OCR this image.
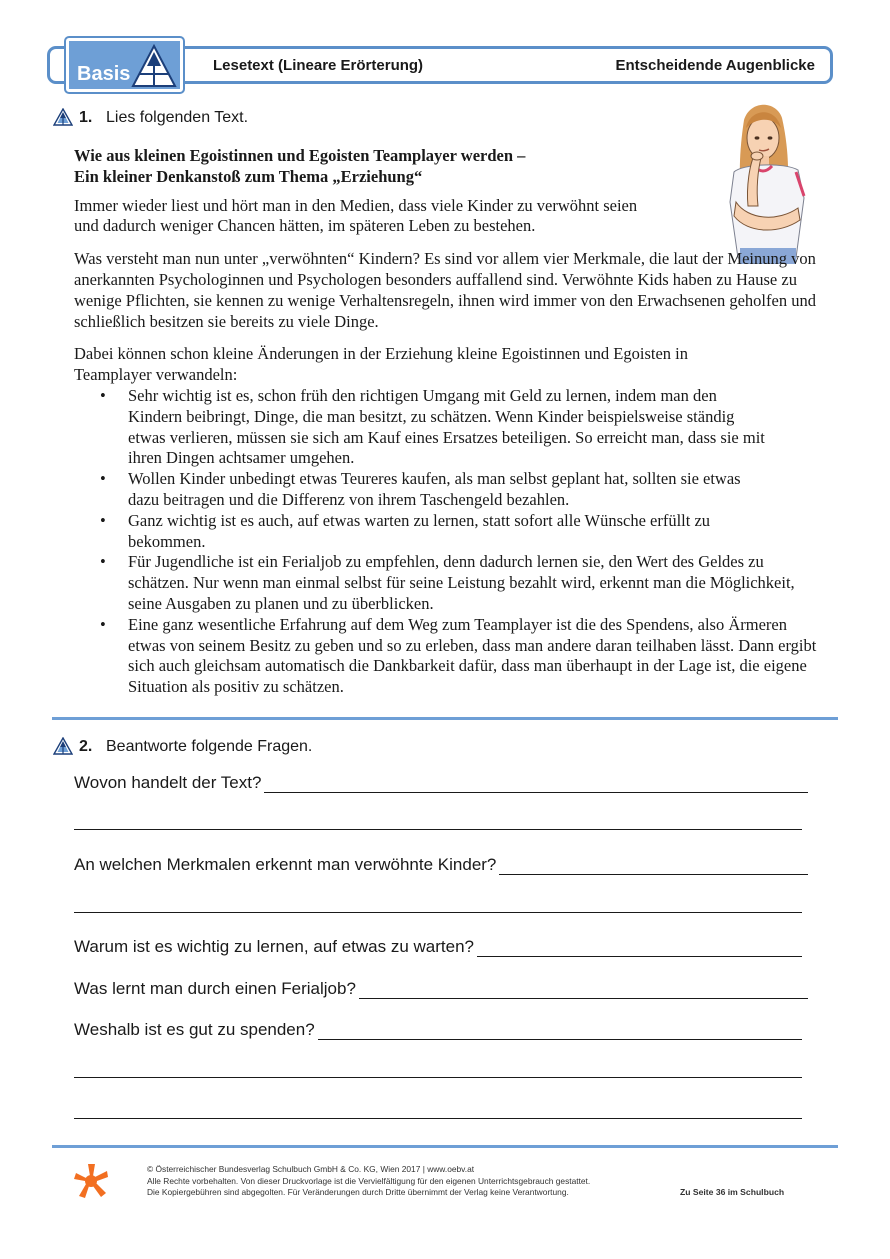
Basis	Lesetext (Lineare Erörterung)	Entscheidende Augenblicke
1. Lies folgenden Text.

Wie aus kleinen Egoistinnen und Egoisten Teamplayer werden –
Ein kleiner Denkanstoß zum Thema „Erziehung“

Immer wieder liest und hört man in den Medien, dass viele Kinder zu verwöhnt seien und dadurch weniger Chancen hätten, im späteren Leben zu bestehen.

Was versteht man nun unter „verwöhnten“ Kindern? Es sind vor allem vier Merkmale, die laut der Meinung von anerkannten Psychologinnen und Psychologen besonders auffallend sind. Verwöhnte Kids haben zu Hause zu wenige Pflichten, sie kennen zu wenige Verhaltensregeln, ihnen wird immer von den Erwachsenen geholfen und schließlich besitzen sie bereits zu viele Dinge.

Dabei können schon kleine Änderungen in der Erziehung kleine Egoistinnen und Egoisten in Teamplayer verwandeln:

• Sehr wichtig ist es, schon früh den richtigen Umgang mit Geld zu lernen, indem man den Kindern beibringt, Dinge, die man besitzt, zu schätzen. Wenn Kinder beispielsweise ständig etwas verlieren, müssen sie sich am Kauf eines Ersatzes beteiligen. So erreicht man, dass sie mit ihren Dingen achtsamer umgehen.
• Wollen Kinder unbedingt etwas Teureres kaufen, als man selbst geplant hat, sollten sie etwas dazu beitragen und die Differenz von ihrem Taschengeld bezahlen.
• Ganz wichtig ist es auch, auf etwas warten zu lernen, statt sofort alle Wünsche erfüllt zu bekommen.
• Für Jugendliche ist ein Ferialjob zu empfehlen, denn dadurch lernen sie, den Wert des Geldes zu schätzen. Nur wenn man einmal selbst für seine Leistung bezahlt wird, erkennt man die Möglichkeit, seine Ausgaben zu planen und zu überblicken.
• Eine ganz wesentliche Erfahrung auf dem Weg zum Teamplayer ist die des Spendens, also Ärmeren etwas von seinem Besitz zu geben und so zu erleben, dass man andere daran teilhaben lässt. Dann ergibt sich auch gleichsam automatisch die Dankbarkeit dafür, dass man überhaupt in der Lage ist, die eigene Situation als positiv zu schätzen.
2. Beantworte folgende Fragen.
Wovon handelt der Text?
An welchen Merkmalen erkennt man verwöhnte Kinder?
Warum ist es wichtig zu lernen, auf etwas zu warten?
Was lernt man durch einen Ferialjob?
Weshalb ist es gut zu spenden?
© Österreichischer Bundesverlag Schulbuch GmbH & Co. KG, Wien 2017 | www.oebv.at
Alle Rechte vorbehalten. Von dieser Druckvorlage ist die Vervielfältigung für den eigenen Unterrichtsgebrauch gestattet.
Die Kopiergebühren sind abgegolten. Für Veränderungen durch Dritte übernimmt der Verlag keine Verantwortung.	Zu Seite 36 im Schulbuch
